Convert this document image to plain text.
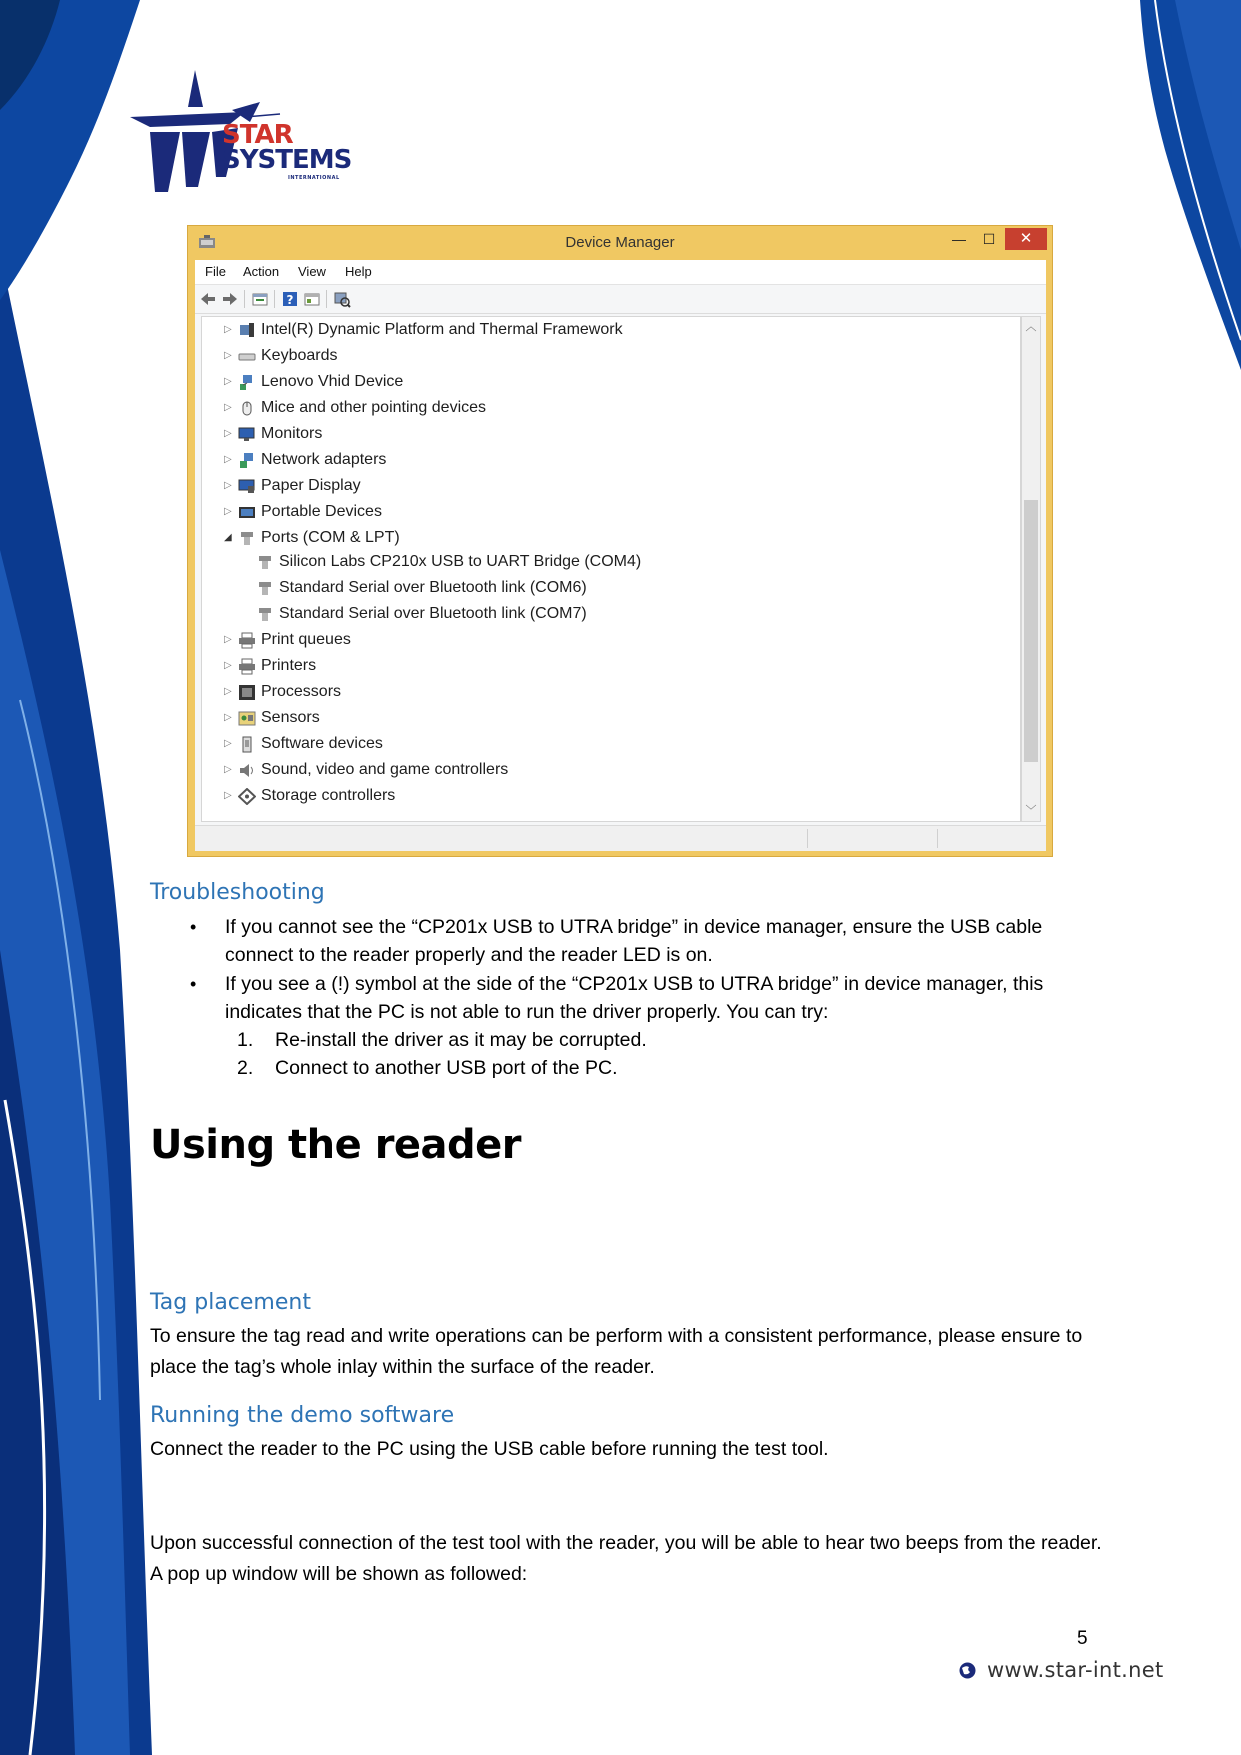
STAR
SYSTEMS
INTERNATIONAL
Device Manager	—	☐	✕
File Action View Help
?
▷ Intel(R) Dynamic Platform and Thermal Framework
▷ Keyboards
▷ Lenovo Vhid Device
▷ Mice and other pointing devices
▷ Monitors
▷ Network adapters
▷ Paper Display
▷ Portable Devices
◢ Ports (COM & LPT)
Silicon Labs CP210x USB to UART Bridge (COM4)
Standard Serial over Bluetooth link (COM6)
Standard Serial over Bluetooth link (COM7)
▷ Print queues
▷ Printers
▷ Processors
▷ Sensors
▷ Software devices
▷ Sound, video and game controllers
▷ Storage controllers
︿
﹀
Troubleshooting
• If you cannot see the “CP201x USB to UTRA bridge” in device manager, ensure the USB cable connect to the reader properly and the reader LED is on.
• If you see a (!) symbol at the side of the “CP201x USB to UTRA bridge” in device manager, this indicates that the PC is not able to run the driver properly. You can try:
1. Re-install the driver as it may be corrupted.
2. Connect to another USB port of the PC.
Using the reader
Tag placement
To ensure the tag read and write operations can be perform with a consistent performance, please ensure to place the tag’s whole inlay within the surface of the reader.
Running the demo software
Connect the reader to the PC using the USB cable before running the test tool.
Upon successful connection of the test tool with the reader, you will be able to hear two beeps from the reader. A pop up window will be shown as followed:
5
www.star-int.net
